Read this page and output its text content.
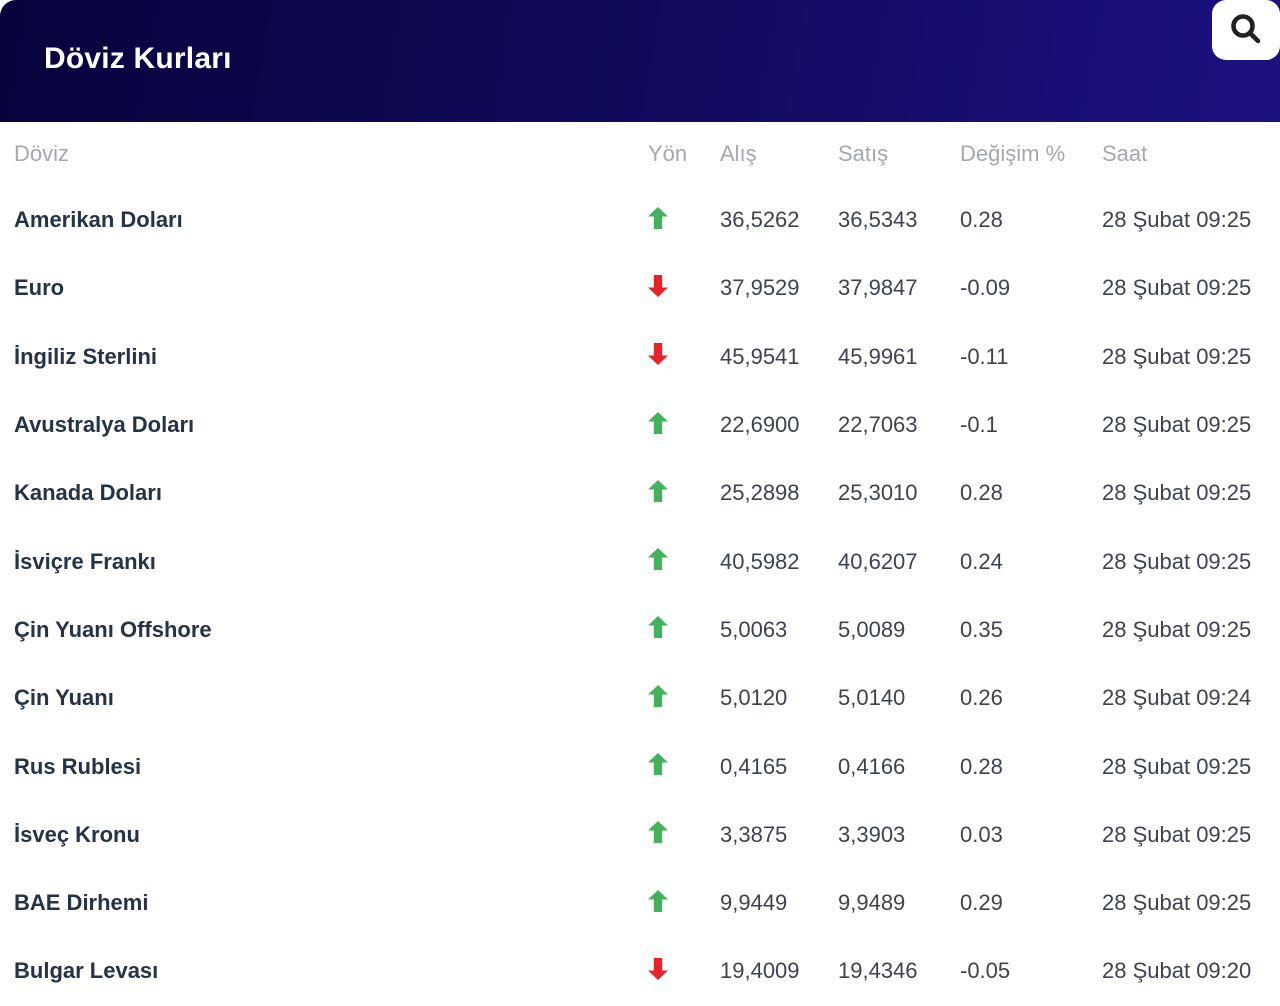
Döviz Kurları
Döviz	Yön	Alış	Satış	Değişim %	Saat
Amerikan Doları	36,5262	36,5343	0.28	28 Şubat 09:25
Euro	37,9529	37,9847	-0.09	28 Şubat 09:25
İngiliz Sterlini	45,9541	45,9961	-0.11	28 Şubat 09:25
Avustralya Doları	22,6900	22,7063	-0.1	28 Şubat 09:25
Kanada Doları	25,2898	25,3010	0.28	28 Şubat 09:25
İsviçre Frankı	40,5982	40,6207	0.24	28 Şubat 09:25
Çin Yuanı Offshore	5,0063	5,0089	0.35	28 Şubat 09:25
Çin Yuanı	5,0120	5,0140	0.26	28 Şubat 09:24
Rus Rublesi	0,4165	0,4166	0.28	28 Şubat 09:25
İsveç Kronu	3,3875	3,3903	0.03	28 Şubat 09:25
BAE Dirhemi	9,9449	9,9489	0.29	28 Şubat 09:25
Bulgar Levası	19,4009	19,4346	-0.05	28 Şubat 09:20
